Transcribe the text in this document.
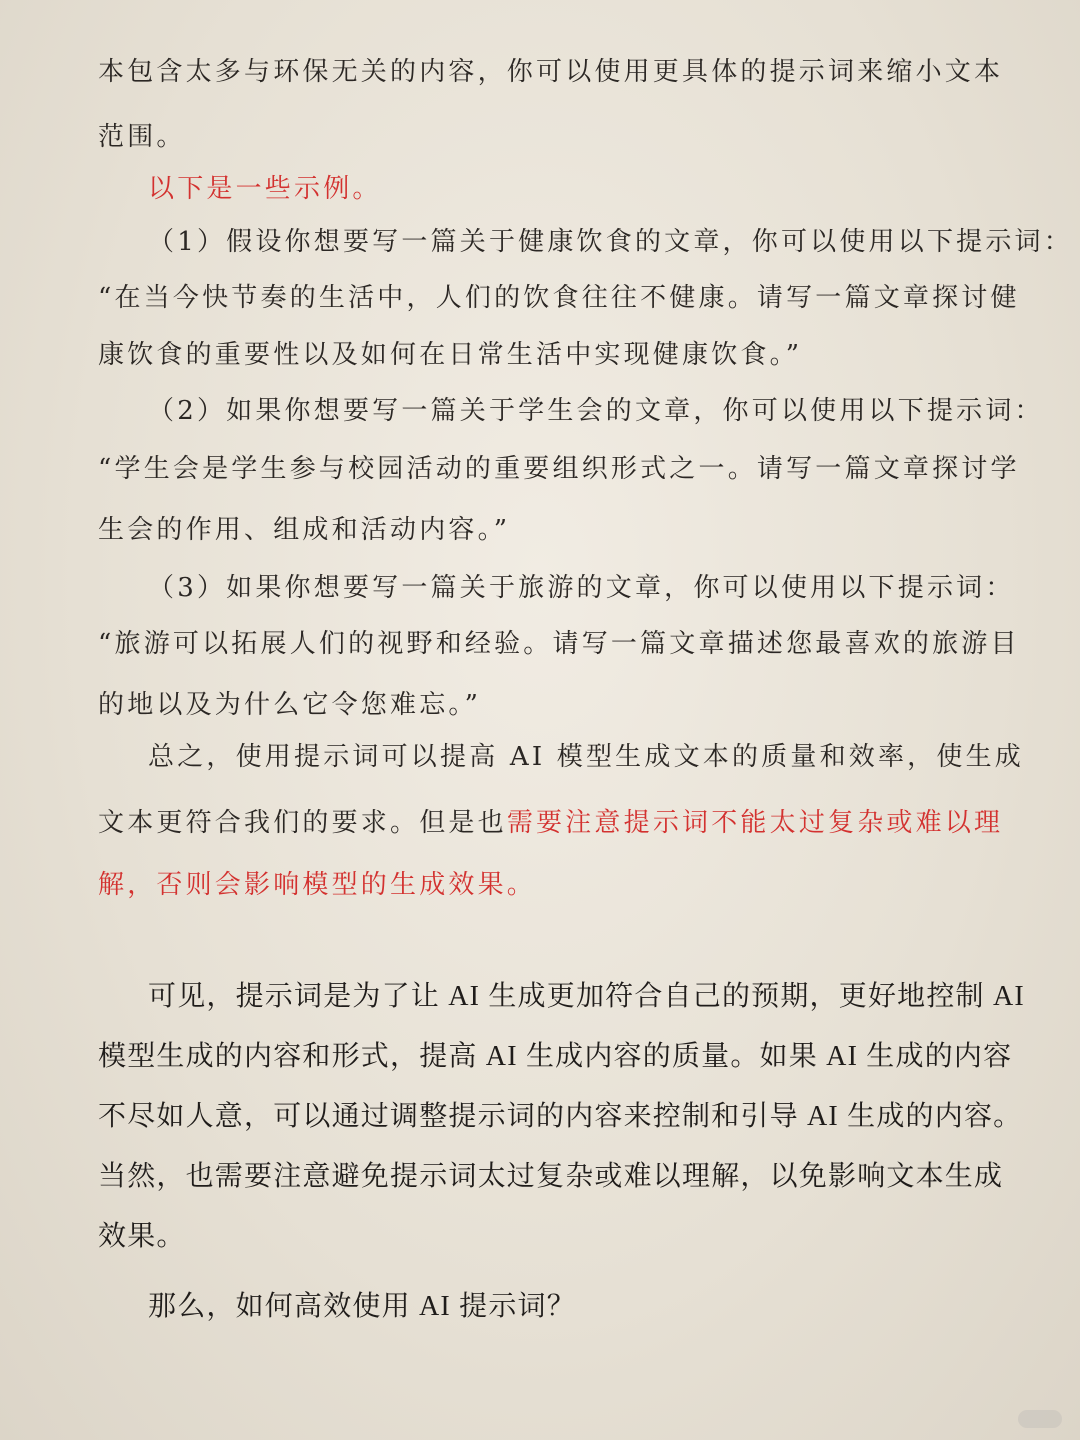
本包含太多与环保无关的内容，你可以使用更具体的提示词来缩小文本
范围。
以下是一些示例。
（1）假设你想要写一篇关于健康饮食的文章，你可以使用以下提示词：
“在当今快节奏的生活中，人们的饮食往往不健康。请写一篇文章探讨健
康饮食的重要性以及如何在日常生活中实现健康饮食。”
（2）如果你想要写一篇关于学生会的文章，你可以使用以下提示词：
“学生会是学生参与校园活动的重要组织形式之一。请写一篇文章探讨学
生会的作用、组成和活动内容。”
（3）如果你想要写一篇关于旅游的文章，你可以使用以下提示词：
“旅游可以拓展人们的视野和经验。请写一篇文章描述您最喜欢的旅游目
的地以及为什么它令您难忘。”
总之，使用提示词可以提高 AI 模型生成文本的质量和效率，使生成
文本更符合我们的要求。但是也需要注意提示词不能太过复杂或难以理
解，否则会影响模型的生成效果。
可见，提示词是为了让 AI 生成更加符合自己的预期，更好地控制 AI
模型生成的内容和形式，提高 AI 生成内容的质量。如果 AI 生成的内容
不尽如人意，可以通过调整提示词的内容来控制和引导 AI 生成的内容。
当然，也需要注意避免提示词太过复杂或难以理解，以免影响文本生成
效果。
那么，如何高效使用 AI 提示词？
